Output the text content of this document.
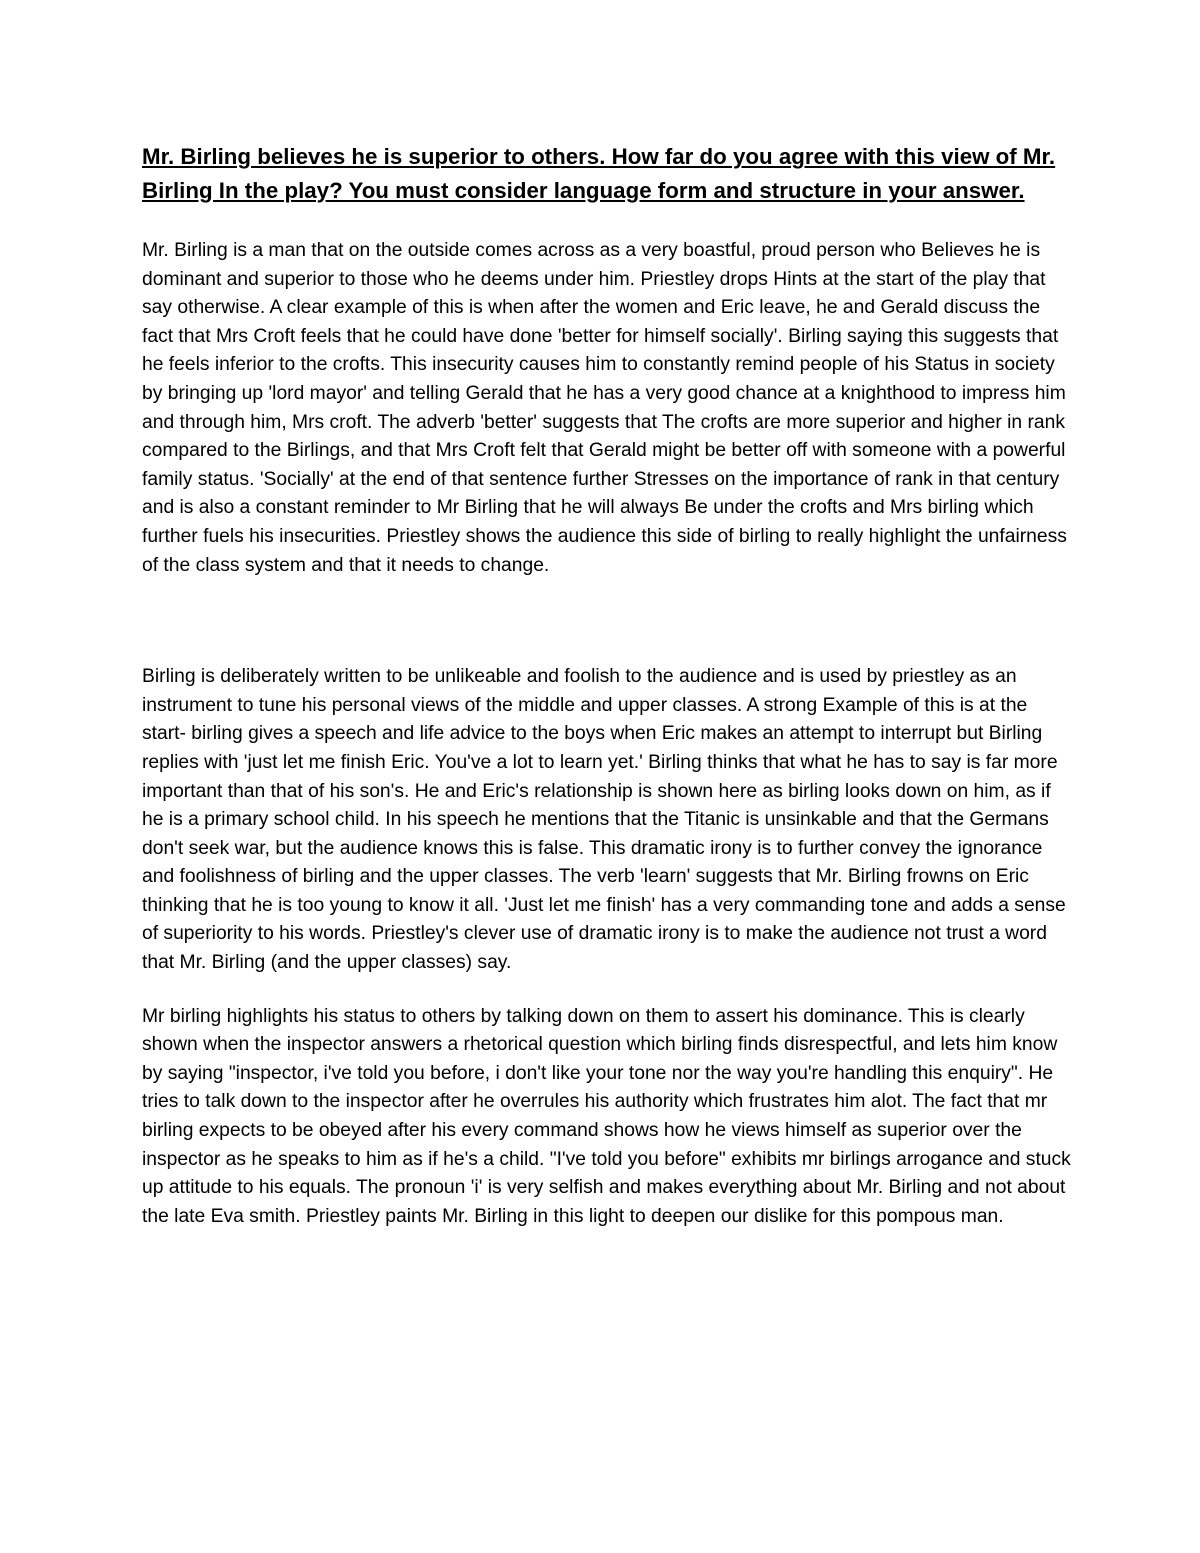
Mr. Birling believes he is superior to others. How far do you agree with this view of Mr. Birling In the play? You must consider language form and structure in your answer.

Mr. Birling is a man that on the outside comes across as a very boastful, proud person who Believes he is dominant and superior to those who he deems under him. Priestley drops Hints at the start of the play that say otherwise. A clear example of this is when after the women and Eric leave, he and Gerald discuss the fact that Mrs Croft feels that he could have done 'better for himself socially'. Birling saying this suggests that he feels inferior to the crofts. This insecurity causes him to constantly remind people of his Status in society by bringing up 'lord mayor' and telling Gerald that he has a very good chance at a knighthood to impress him and through him, Mrs croft. The adverb 'better' suggests that The crofts are more superior and higher in rank compared to the Birlings, and that Mrs Croft felt that Gerald might be better off with someone with a powerful family status. 'Socially' at the end of that sentence further Stresses on the importance of rank in that century and is also a constant reminder to Mr Birling that he will always Be under the crofts and Mrs birling which further fuels his insecurities. Priestley shows the audience this side of birling to really highlight the unfairness of the class system and that it needs to change.

Birling is deliberately written to be unlikeable and foolish to the audience and is used by priestley as an instrument to tune his personal views of the middle and upper classes. A strong Example of this is at the start- birling gives a speech and life advice to the boys when Eric makes an attempt to interrupt but Birling replies with 'just let me finish Eric. You've a lot to learn yet.' Birling thinks that what he has to say is far more important than that of his son's. He and Eric's relationship is shown here as birling looks down on him, as if he is a primary school child. In his speech he mentions that the Titanic is unsinkable and that the Germans don't seek war, but the audience knows this is false. This dramatic irony is to further convey the ignorance and foolishness of birling and the upper classes. The verb 'learn' suggests that Mr. Birling frowns on Eric thinking that he is too young to know it all. 'Just let me finish' has a very commanding tone and adds a sense of superiority to his words. Priestley's clever use of dramatic irony is to make the audience not trust a word that Mr. Birling (and the upper classes) say.

Mr birling highlights his status to others by talking down on them to assert his dominance. This is clearly shown when the inspector answers a rhetorical question which birling finds disrespectful, and lets him know by saying "inspector, i've told you before, i don't like your tone nor the way you're handling this enquiry". He tries to talk down to the inspector after he overrules his authority which frustrates him alot. The fact that mr birling expects to be obeyed after his every command shows how he views himself as superior over the inspector as he speaks to him as if he's a child. "I've told you before" exhibits mr birlings arrogance and stuck up attitude to his equals. The pronoun 'i' is very selfish and makes everything about Mr. Birling and not about the late Eva smith. Priestley paints Mr. Birling in this light to deepen our dislike for this pompous man.
